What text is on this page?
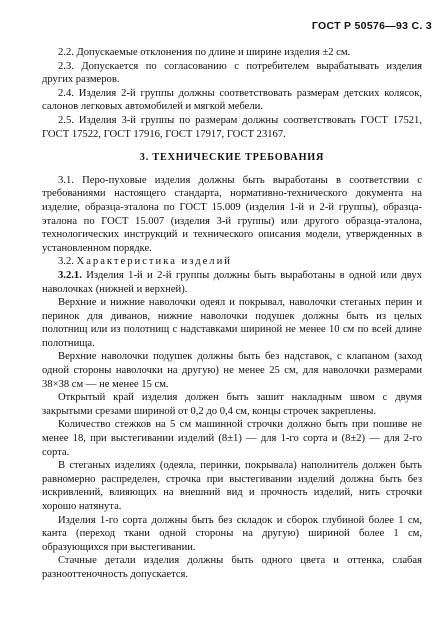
ГОСТ Р 50576—93 С. 3

2.2. Допускаемые отклонения по длине и ширине изделия ±2 см.

2.3. Допускается по согласованию с потребителем вырабатывать изделия других размеров.

2.4. Изделия 2-й группы должны соответствовать размерам детских колясок, салонов легковых автомобилей и мягкой мебели.

2.5. Изделия 3-й группы по размерам должны соответствовать ГОСТ 17521, ГОСТ 17522, ГОСТ 17916, ГОСТ 17917, ГОСТ 23167.

3. ТЕХНИЧЕСКИЕ ТРЕБОВАНИЯ

3.1. Перо-пуховые изделия должны быть выработаны в соответствии с требованиями настоящего стандарта, нормативно-технического документа на изделие, образца-эталона по ГОСТ 15.009 (изделия 1-й и 2-й группы), образца-эталона по ГОСТ 15.007 (изделия 3-й группы) или другого образца-эталона, технологических инструкций и технического описания модели, утвержденных в установленном порядке.

3.2. Характеристика изделий

3.2.1. Изделия 1-й и 2-й группы должны быть выработаны в одной или двух наволочках (нижней и верхней).

Верхние и нижние наволочки одеял и покрывал, наволочки стеганых перин и перинок для диванов, нижние наволочки подушек должны быть из целых полотнищ или из полотнищ с надставками шириной не менее 10 см по всей длине полотнища.

Верхние наволочки подушек должны быть без надставок, с клапаном (заход одной стороны наволочки на другую) не менее 25 см, для наволочки размерами 38×38 см — не менее 15 см.

Открытый край изделия должен быть зашит накладным швом с двумя закрытыми срезами шириной от 0,2 до 0,4 см, концы строчек закреплены.

Количество стежков на 5 см машинной строчки должно быть при пошиве не менее 18, при выстегивании изделий (8±1) — для 1-го сорта и (8±2) — для 2-го сорта.

В стеганых изделиях (одеяла, перинки, покрывала) наполнитель должен быть равномерно распределен, строчка при выстегивании изделий должна быть без искривлений, влияющих на внешний вид и прочность изделий, нить строчки хорошо натянута.

Изделия 1-го сорта должны быть без складок и сборок глубиной более 1 см, канта (переход ткани одной стороны на другую) шириной более 1 см, образующихся при выстегивании.

Стачные детали изделия должны быть одного цвета и оттенка, слабая разнооттеночность допускается.
